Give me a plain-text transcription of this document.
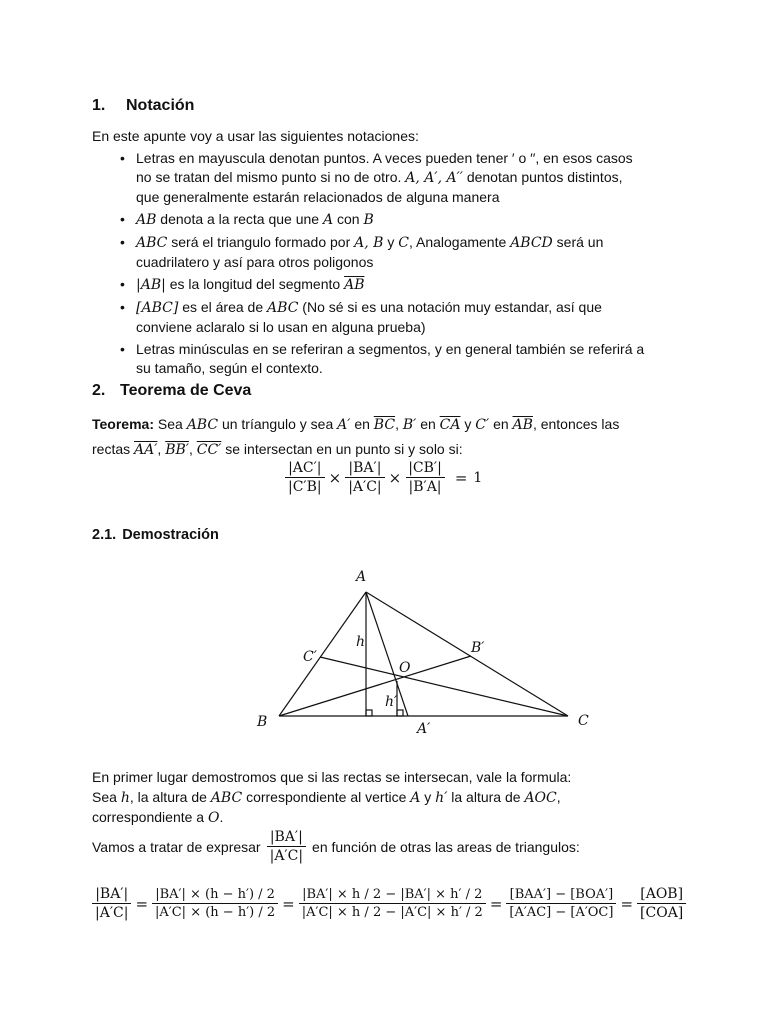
1. Notación

En este apunte voy a usar las siguientes notaciones:

• Letras en mayuscula denotan puntos. A veces pueden tener ′ o ′′, en esos casos
no se tratan del mismo punto si no de otro. A, A′, A′′ denotan puntos distintos,
que generalmente estarán relacionados de alguna manera
• AB denota a la recta que une A con B
• ABC será el triangulo formado por A, B y C, Analogamente ABCD será un
cuadrilatero y así para otros poligonos
• |AB| es la longitud del segmento $\overline{AB}$
• [ABC] es el área de ABC (No sé si es una notación muy estandar, así que
conviene aclaralo si lo usan en alguna prueba)
• Letras minúsculas en se referiran a segmentos, y en general también se referirá a
su tamaño, según el contexto.
2. Teorema de Ceva

Teorema: Sea ABC un tríangulo y sea A′ en $\overline{BC}$, B′ en $\overline{CA}$ y C′ en $\overline{AB}$, entonces las

rectas AA′, BB′, CC′ se intersectan en un punto si y solo si:

$\frac{|AC'|}{|C'B|} \times \frac{|BA'|}{|A'C|} \times \frac{|CB'|}{|B'A|} = 1$
2.1. Demostración
A
B	C
A′
B′
C′
O
h
h′

En primer lugar demostromos que si las rectas se intersecan, vale la formula:

Sea h, la altura de ABC correspondiente al vertice A y h′ la altura de AOC,

correspondiente a O.

Vamos a tratar de expresar $\frac{|BA'|}{|A'C|}$ en función de otras las areas de triangulos:
$\frac{|BA'|}{|A'C|} = \frac{|BA'| \times (h - h') / 2}{|A'C| \times (h - h') / 2} = \frac{|BA'| \times h / 2 - |BA'| \times h' / 2}{|A'C| \times h / 2 - |A'C| \times h' / 2} = \frac{\text{[BAA′] − [BOA′]}}{[A'AC] - [A'OC]} = \frac{\text{[AOB]}}{\text{[COA]}}$
